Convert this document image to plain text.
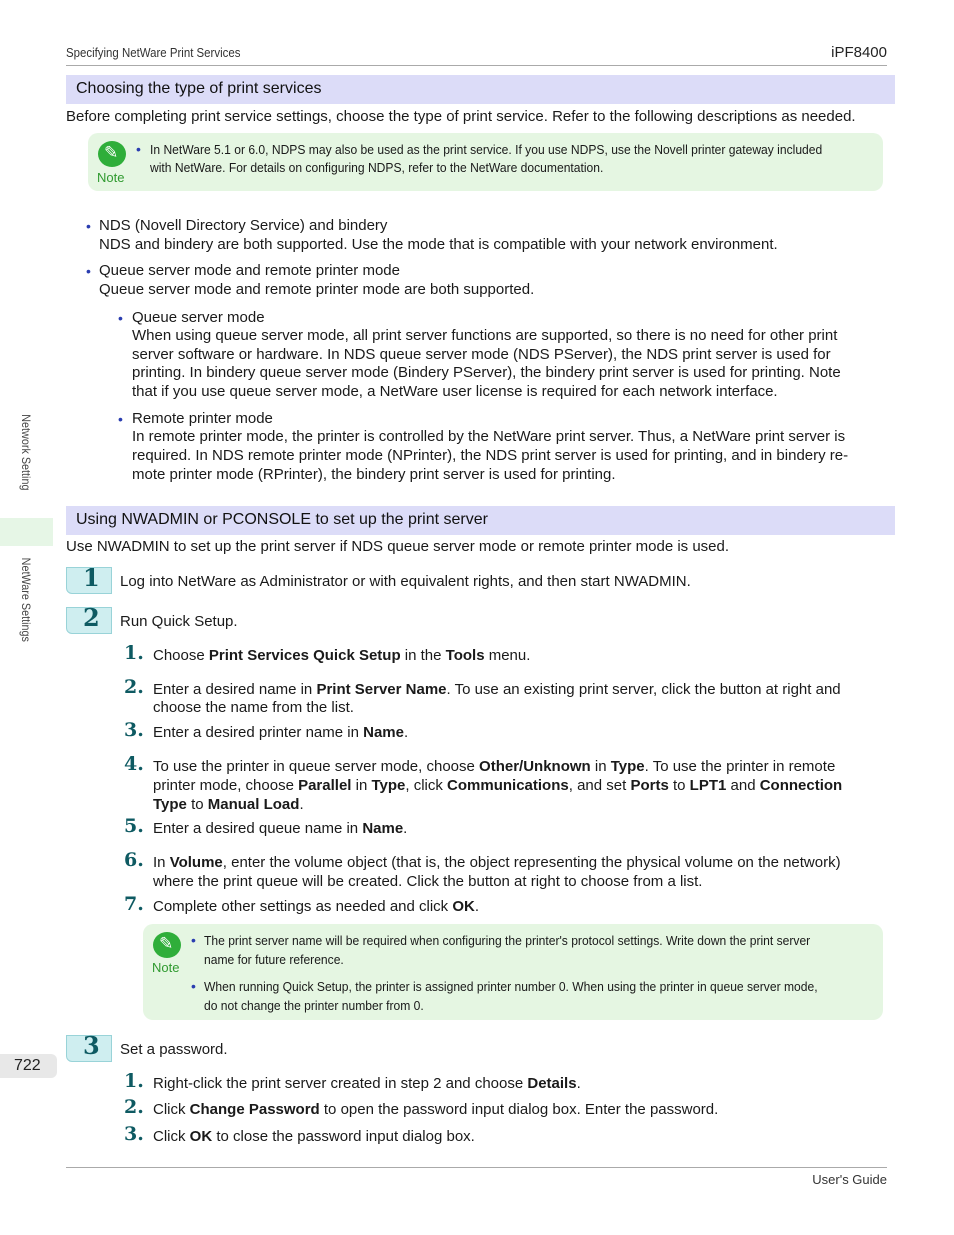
Specifying NetWare Print Services	iPF8400
Network Setting
NetWare Settings
722
Choosing the type of print services
Before completing print service settings, choose the type of print service. Refer to the following descriptions as needed.
✎
Note
• In NetWare 5.1 or 6.0, NDPS may also be used as the print service. If you use NDPS, use the Novell printer gateway included
with NetWare. For details on configuring NDPS, refer to the NetWare documentation.
• NDS (Novell Directory Service) and bindery
NDS and bindery are both supported. Use the mode that is compatible with your network environment.
• Queue server mode and remote printer mode
Queue server mode and remote printer mode are both supported.
• Queue server mode
When using queue server mode, all print server functions are supported, so there is no need for other print
server software or hardware. In NDS queue server mode (NDS PServer), the NDS print server is used for
printing. In bindery queue server mode (Bindery PServer), the bindery print server is used for printing. Note
that if you use queue server mode, a NetWare user license is required for each network interface.
• Remote printer mode
In remote printer mode, the printer is controlled by the NetWare print server. Thus, a NetWare print server is
required. In NDS remote printer mode (NPrinter), the NDS print server is used for printing, and in bindery re-
mote printer mode (RPrinter), the bindery print server is used for printing.
Using NWADMIN or PCONSOLE to set up the print server
Use NWADMIN to set up the print server if NDS queue server mode or remote printer mode is used.
1 Log into NetWare as Administrator or with equivalent rights, and then start NWADMIN.
2 Run Quick Setup.
1. Choose Print Services Quick Setup in the Tools menu.
2. Enter a desired name in Print Server Name. To use an existing print server, click the button at right and
choose the name from the list.
3. Enter a desired printer name in Name.
4. To use the printer in queue server mode, choose Other/Unknown in Type. To use the printer in remote
printer mode, choose Parallel in Type, click Communications, and set Ports to LPT1 and Connection
Type to Manual Load.
5. Enter a desired queue name in Name.
6. In Volume, enter the volume object (that is, the object representing the physical volume on the network)
where the print queue will be created. Click the button at right to choose from a list.
7. Complete other settings as needed and click OK.
✎
Note
• The print server name will be required when configuring the printer's protocol settings. Write down the print server
name for future reference.
• When running Quick Setup, the printer is assigned printer number 0. When using the printer in queue server mode,
do not change the printer number from 0.
3 Set a password.
1. Right-click the print server created in step 2 and choose Details.
2. Click Change Password to open the password input dialog box. Enter the password.
3. Click OK to close the password input dialog box.
User's Guide
